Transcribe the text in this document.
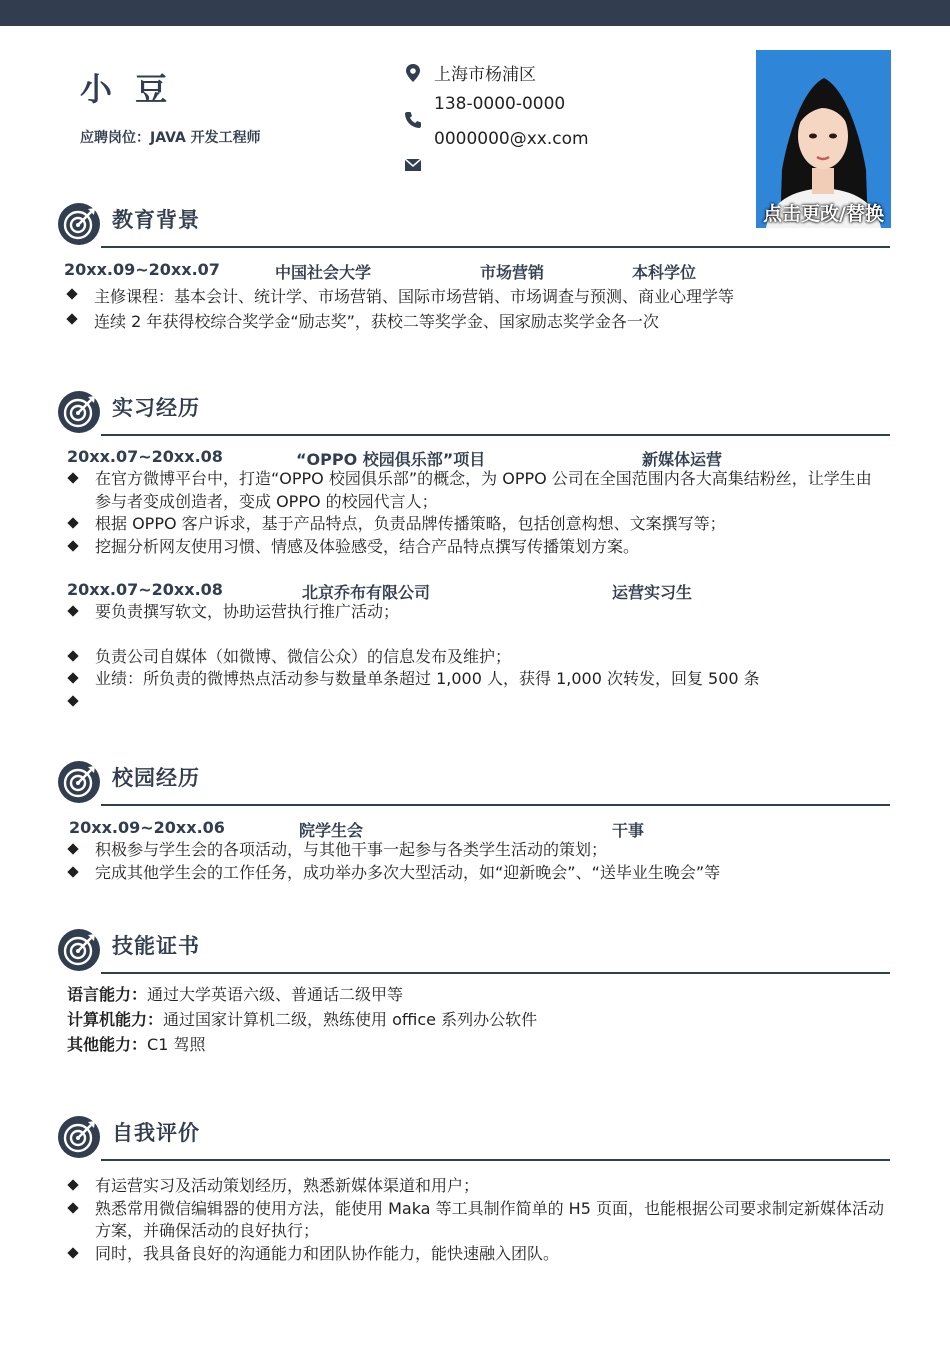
小 豆
应聘岗位：JAVA 开发工程师
上海市杨浦区
138-0000-0000
0000000@xx.com
点击更改/替换
教育背景
20xx.09~20xx.07	中国社会大学	市场营销	本科学位
主修课程：基本会计、统计学、市场营销、国际市场营销、市场调查与预测、商业心理学等
连续 2 年获得校综合奖学金“励志奖”，获校二等奖学金、国家励志奖学金各一次
实习经历
20xx.07~20xx.08	“OPPO 校园俱乐部”项目	新媒体运营
在官方微博平台中，打造“OPPO 校园俱乐部”的概念，为 OPPO 公司在全国范围内各大高集结粉丝，让学生由参与者变成创造者，变成 OPPO 的校园代言人；
根据 OPPO 客户诉求，基于产品特点，负责品牌传播策略，包括创意构想、文案撰写等；
挖掘分析网友使用习惯、情感及体验感受，结合产品特点撰写传播策划方案。
20xx.07~20xx.08	北京乔布有限公司	运营实习生
要负责撰写软文，协助运营执行推广活动；
负责公司自媒体（如微博、微信公众）的信息发布及维护；
业绩：所负责的微博热点活动参与数量单条超过 1,000 人，获得 1,000 次转发，回复 500 条
校园经历
20xx.09~20xx.06	院学生会	干事
积极参与学生会的各项活动，与其他干事一起参与各类学生活动的策划；
完成其他学生会的工作任务，成功举办多次大型活动，如“迎新晚会”、“送毕业生晚会”等
技能证书
语言能力：通过大学英语六级、普通话二级甲等
计算机能力：通过国家计算机二级，熟练使用 office 系列办公软件
其他能力：C1 驾照
自我评价
有运营实习及活动策划经历，熟悉新媒体渠道和用户；
熟悉常用微信编辑器的使用方法，能使用 Maka 等工具制作简单的 H5 页面，也能根据公司要求制定新媒体活动方案，并确保活动的良好执行；
同时，我具备良好的沟通能力和团队协作能力，能快速融入团队。
